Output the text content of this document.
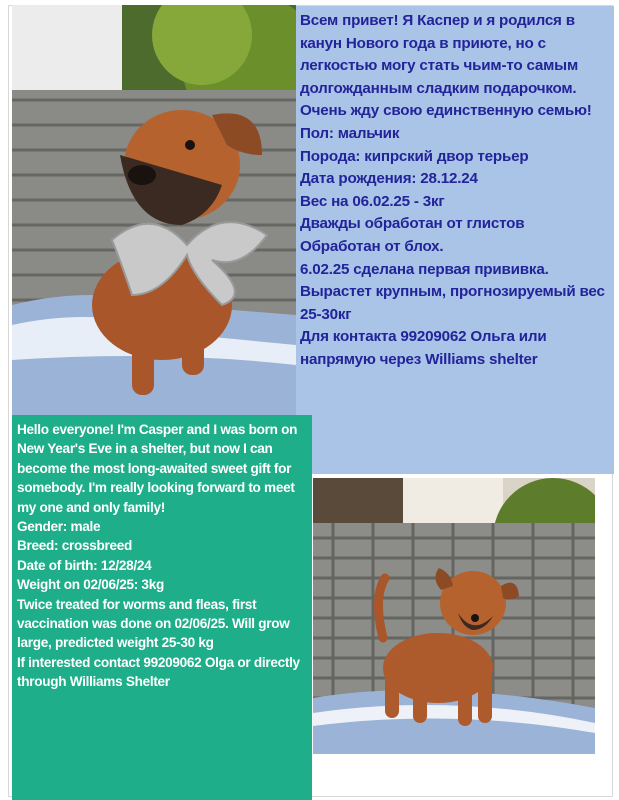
Всем привет! Я Каспер и я родился в канун Нового года в приюте, но с легкостью могу стать чьим-то самым долгожданным сладким подарочком. Очень жду свою единственную семью!
Пол: мальчик
Порода: кипрский двор терьер
Дата рождения: 28.12.24
Вес на 06.02.25 - 3кг
Дважды обработан от глистов
Обработан от блох.
6.02.25 сделана первая прививка.
Вырастет крупным, прогнозируемый вес 25-30кг
Для контакта 99209062 Ольга или напрямую через Williams shelter
Hello everyone! I'm Casper and I was born on New Year's Eve in a shelter, but now I can become the most long-awaited sweet gift for somebody. I'm really looking forward to meet my one and only family!
Gender: male
Breed: crossbreed
Date of birth: 12/28/24
Weight on 02/06/25: 3kg
Twice treated for worms and fleas, first vaccination was done on 02/06/25. Will grow large, predicted weight 25-30 kg
If interested contact 99209062 Olga or directly through Williams Shelter
